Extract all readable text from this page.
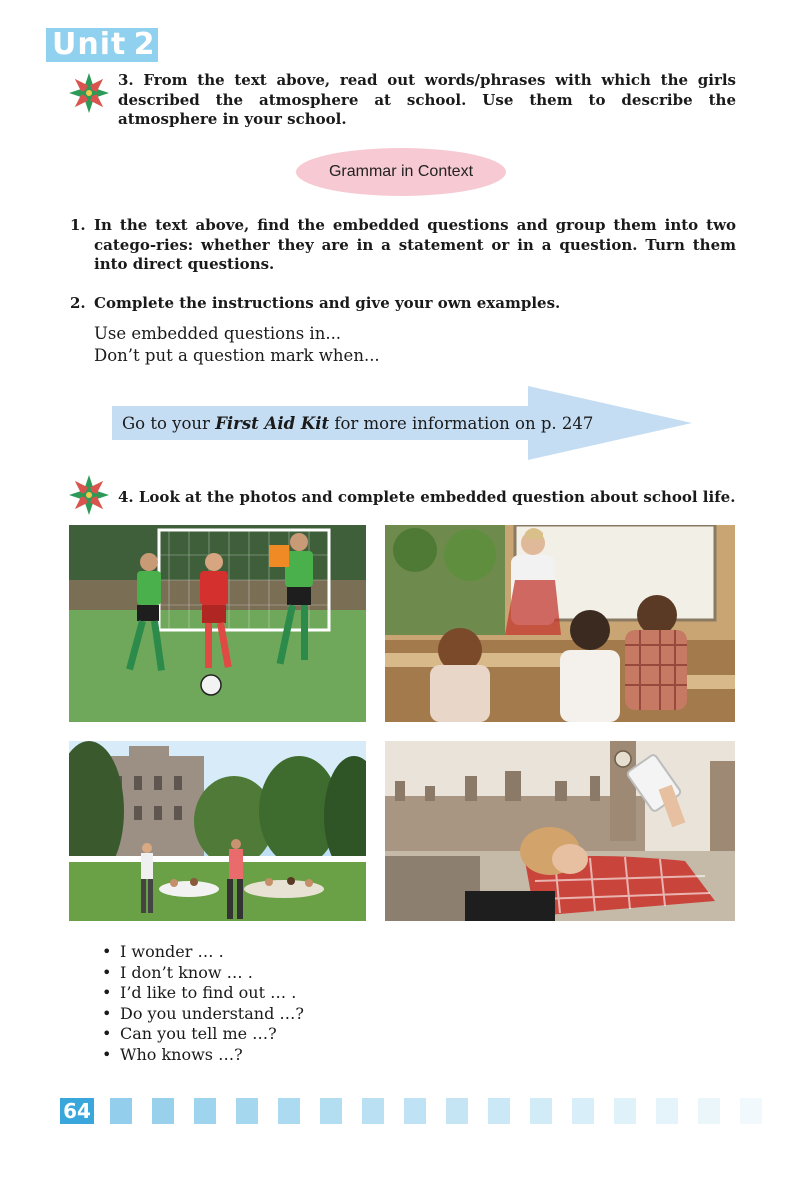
Unit 2
3. From the text above, read out words/phrases with which the girls described the atmosphere at school. Use them to describe the atmosphere in your school.
Grammar in Context
1. In the text above, find the embedded questions and group them into two catego-ries: whether they are in a statement or in a question. Turn them into direct questions.
2. Complete the instructions and give your own examples.
Use embedded questions in...
Don’t put a question mark when...
Go to your First Aid Kit for more information on p. 247
4. Look at the photos and complete embedded question about school life.
• I wonder … .
• I don’t know … .
• I’d like to find out … .
• Do you understand …?
• Can you tell me …?
• Who knows …?
64
